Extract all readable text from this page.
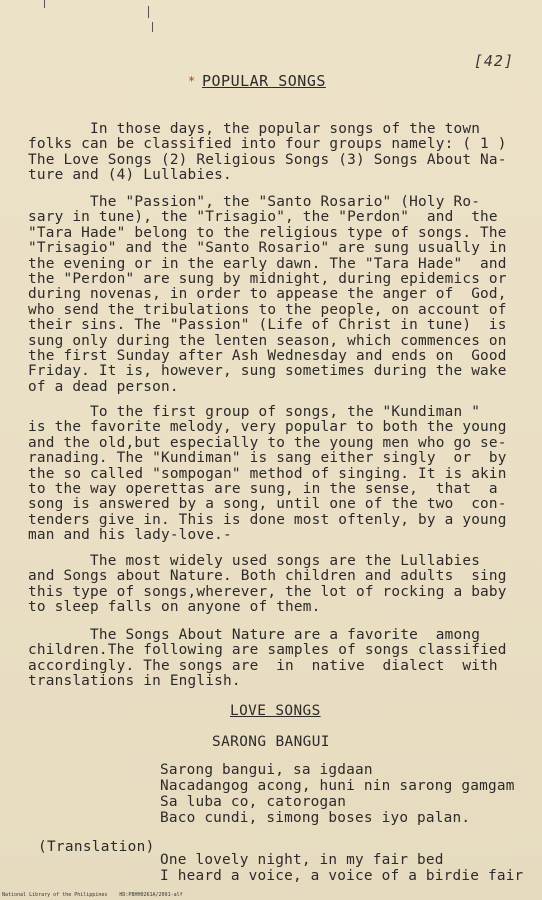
[42]
* POPULAR SONGS
In those days, the popular songs of the town
folks can be classified into four groups namely: ( 1 )
The Love Songs (2) Religious Songs (3) Songs About Na-
ture and (4) Lullabies.
The "Passion", the "Santo Rosario" (Holy Ro-
sary in tune), the "Trisagio", the "Perdon"  and  the
"Tara Hade" belong to the religious type of songs. The
"Trisagio" and the "Santo Rosario" are sung usually in
the evening or in the early dawn. The "Tara Hade"  and
the "Perdon" are sung by midnight, during epidemics or
during novenas, in order to appease the anger of  God,
who send the tribulations to the people, on account of
their sins. The "Passion" (Life of Christ in tune)  is
sung only during the lenten season, which commences on
the first Sunday after Ash Wednesday and ends on  Good
Friday. It is, however, sung sometimes during the wake
of a dead person.
To the first group of songs, the "Kundiman "
is the favorite melody, very popular to both the young
and the old,but especially to the young men who go se-
ranading. The "Kundiman" is sang either singly  or  by
the so called "sompogan" method of singing. It is akin
to the way operettas are sung, in the sense,  that  a
song is answered by a song, until one of the two  con-
tenders give in. This is done most oftenly, by a young
man and his lady-love.-
The most widely used songs are the Lullabies
and Songs about Nature. Both children and adults  sing
this type of songs,wherever, the lot of rocking a baby
to sleep falls on anyone of them.
The Songs About Nature are a favorite  among
children.The following are samples of songs classified
accordingly. The songs are  in  native  dialect  with
translations in English.
LOVE SONGS
SARONG BANGUI
Sarong bangui, sa igdaan
Nacadangog acong, huni nin sarong gamgam
Sa luba co, catorogan
Baco cundi, simong boses iyo palan.
(Translation)
One lovely night, in my fair bed
I heard a voice, a voice of a birdie fair
National Library of the Philippines    HD:PBHH0261A/2091-alf
